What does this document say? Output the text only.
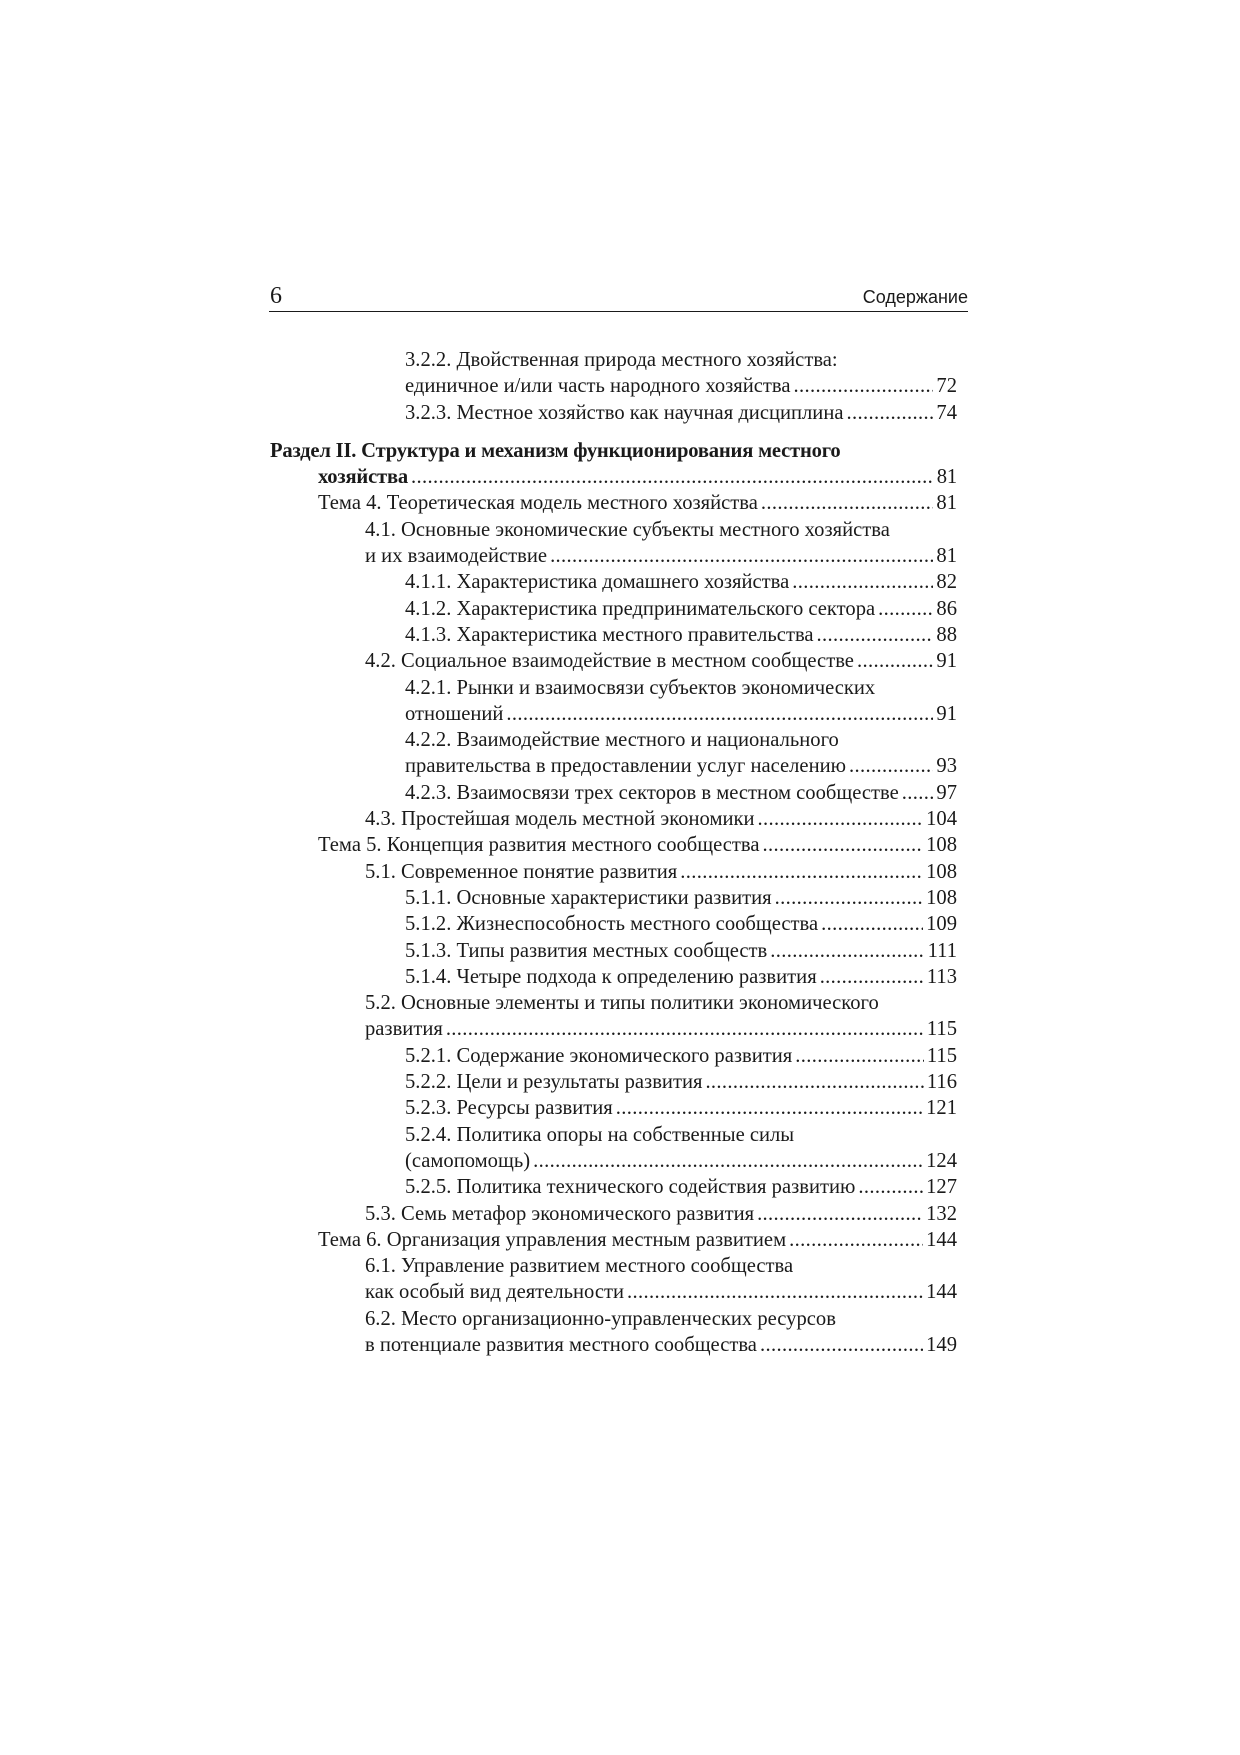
6	Содержание
3.2.2. Двойственная природа местного хозяйства:
единичное и/или часть народного хозяйства . . .	72
3.2.3. Местное хозяйство как научная дисциплина . . .	74
Раздел II. Структура и механизм функционирования местного
хозяйства . . .	81
Тема 4. Теоретическая модель местного хозяйства . . .	81
4.1. Основные экономические субъекты местного хозяйства
и их взаимодействие . . .	81
4.1.1. Характеристика домашнего хозяйства . . .	82
4.1.2. Характеристика предпринимательского сектора . . .	86
4.1.3. Характеристика местного правительства . . .	88
4.2. Социальное взаимодействие в местном сообществе . . .	91
4.2.1. Рынки и взаимосвязи субъектов экономических
отношений . . .	91
4.2.2. Взаимодействие местного и национального
правительства в предоставлении услуг населению . . .	93
4.2.3. Взаимосвязи трех секторов в местном сообществе . . . 97
4.3. Простейшая модель местной экономики . . .	104
Тема 5. Концепция развития местного сообщества . . .	108
5.1. Современное понятие развития . . .	108
5.1.1. Основные характеристики развития . . .	108
5.1.2. Жизнеспособность местного сообщества . . .	109
5.1.3. Типы развития местных сообществ . . .	111
5.1.4. Четыре подхода к определению развития . . .	113
5.2. Основные элементы и типы политики экономического
развития . . .	115
5.2.1. Содержание экономического развития . . .	115
5.2.2. Цели и результаты развития . . .	116
5.2.3. Ресурсы развития . . .	121
5.2.4. Политика опоры на собственные силы
(самопомощь) . . .	124
5.2.5. Политика технического содействия развитию . . .	127
5.3. Семь метафор экономического развития . . .	132
Тема 6. Организация управления местным развитием . . .	144
6.1. Управление развитием местного сообщества
как особый вид деятельности . . .	144
6.2. Место организационно-управленческих ресурсов
в потенциале развития местного сообщества . . .	149
